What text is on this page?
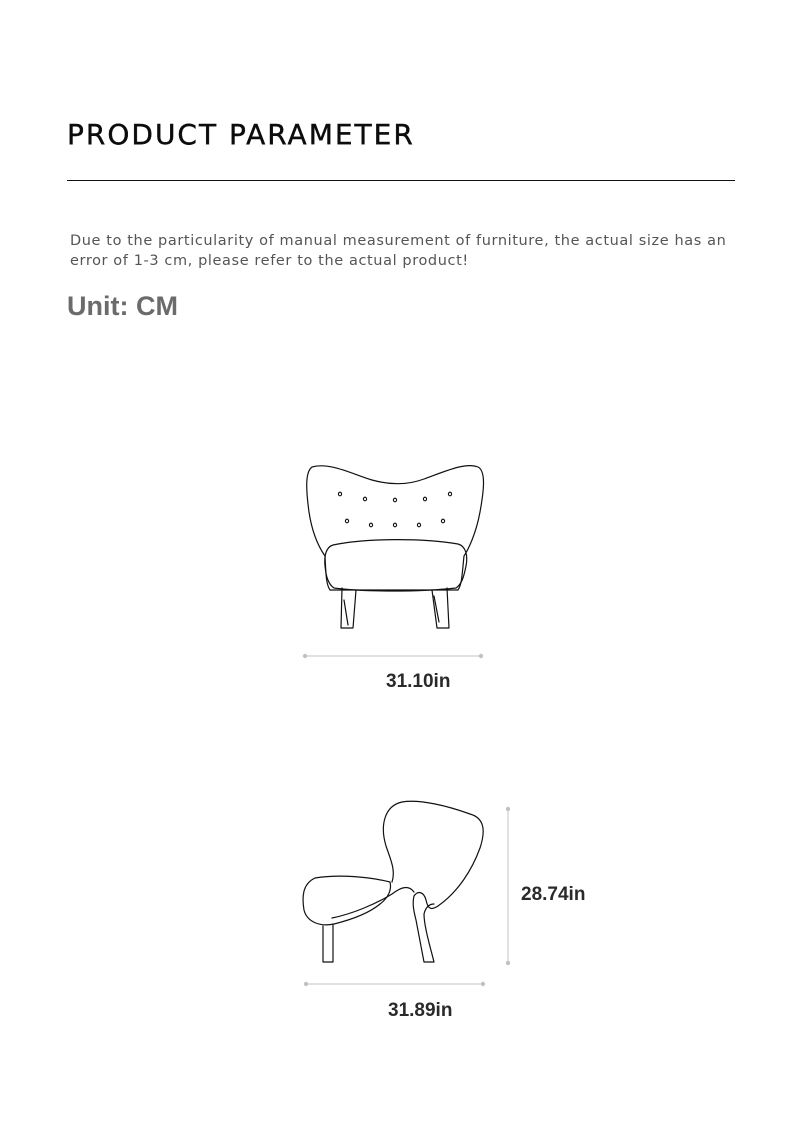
PRODUCT PARAMETER
Due to the particularity of manual measurement of furniture, the actual size has an error of 1-3 cm, please refer to the actual product!
Unit: CM
31.10in
28.74in
31.89in
